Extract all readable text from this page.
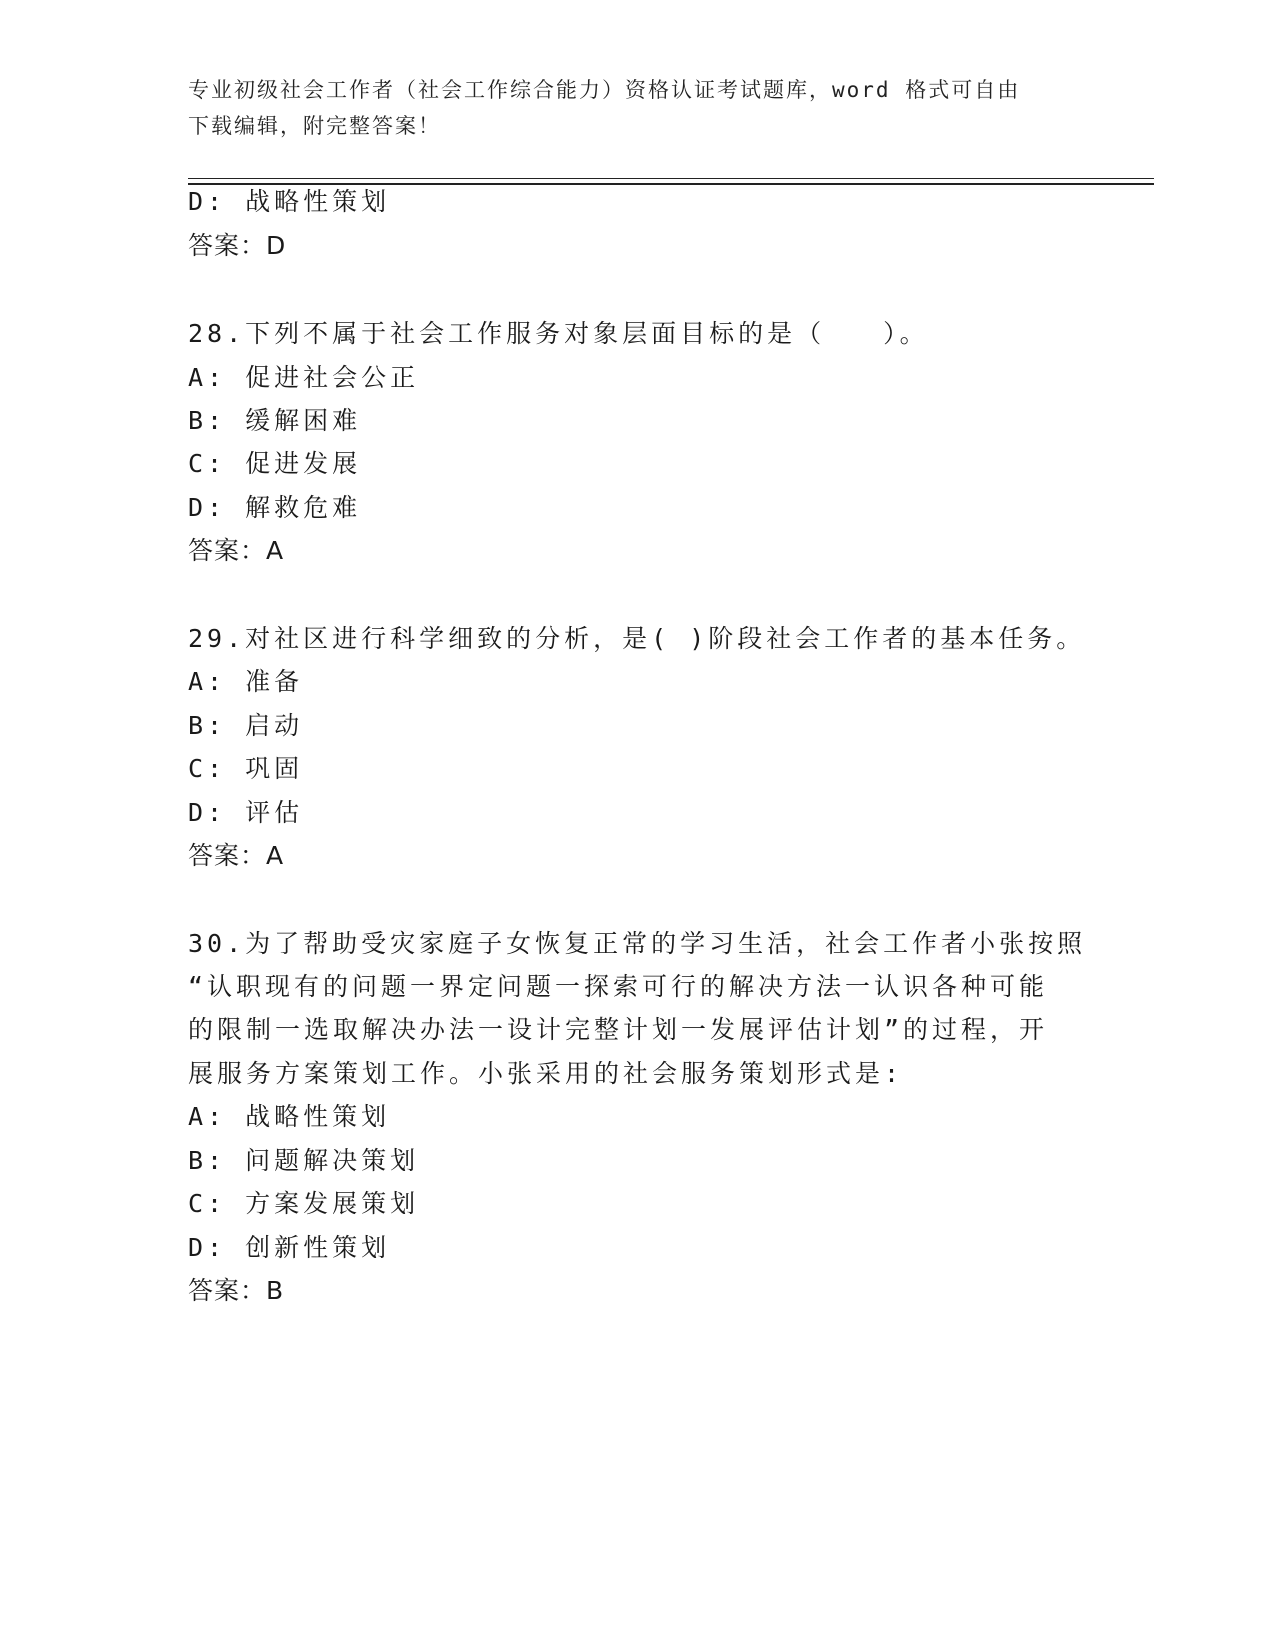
专业初级社会工作者（社会工作综合能力）资格认证考试题库，word 格式可自由
下载编辑，附完整答案！
D: 战略性策划
答案：D
28.下列不属于社会工作服务对象层面目标的是（　　）。
A: 促进社会公正
B: 缓解困难
C: 促进发展
D: 解救危难
答案：A
29.对社区进行科学细致的分析，是( )阶段社会工作者的基本任务。
A: 准备
B: 启动
C: 巩固
D: 评估
答案：A
30.为了帮助受灾家庭子女恢复正常的学习生活，社会工作者小张按照
“认职现有的问题一界定问题一探索可行的解决方法一认识各种可能
的限制一选取解决办法一设计完整计划一发展评估计划”的过程，开
展服务方案策划工作。小张采用的社会服务策划形式是:
A: 战略性策划
B: 问题解决策划
C: 方案发展策划
D: 创新性策划
答案：B
